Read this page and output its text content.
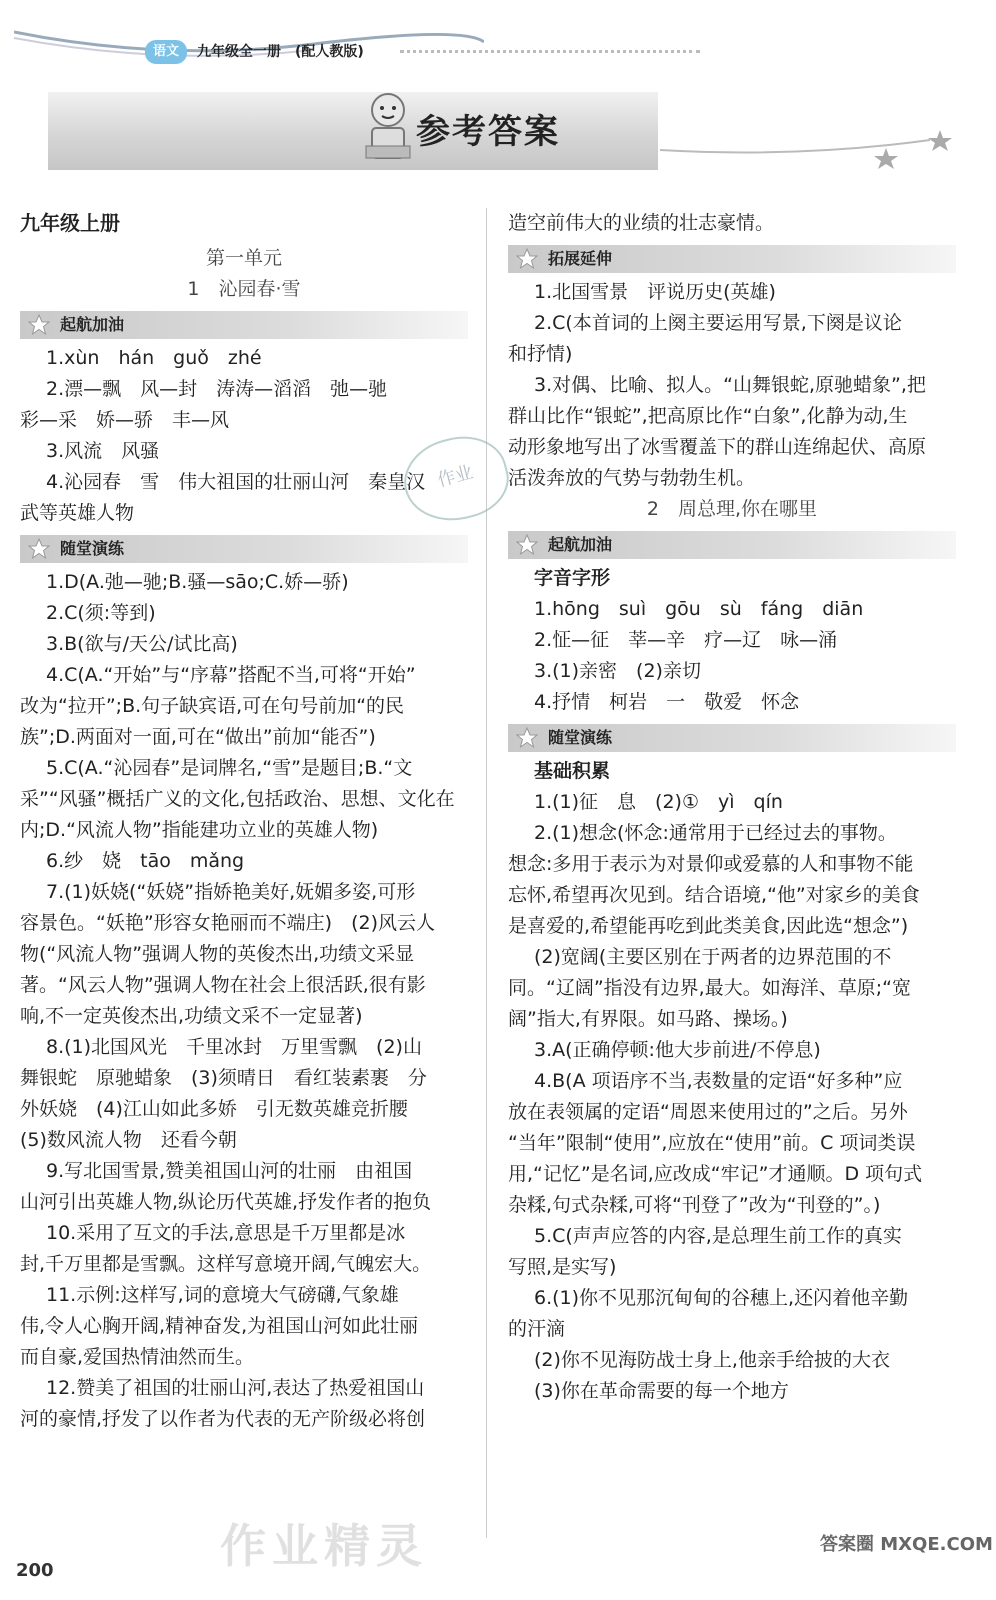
语文	九年级全一册　(配人教版)
参考答案

九年级上册

第一单元

1　沁园春·雪

起航加油

1.xùn　hán　guǒ　zhé

2.漂—飘　风—封　涛涛—滔滔　弛—驰

彩—采　娇—骄　丰—风

3.风流　风骚

4.沁园春　雪　伟大祖国的壮丽山河　秦皇汉

武等英雄人物

随堂演练

1.D(A.弛—驰;B.骚—sāo;C.娇—骄)

2.C(须:等到)

3.B(欲与/天公/试比高)

4.C(A.“开始”与“序幕”搭配不当,可将“开始”

改为“拉开”;B.句子缺宾语,可在句号前加“的民

族”;D.两面对一面,可在“做出”前加“能否”)

5.C(A.“沁园春”是词牌名,“雪”是题目;B.“文

采”“风骚”概括广义的文化,包括政治、思想、文化在

内;D.“风流人物”指能建功立业的英雄人物)

6.纱　娆　tāo　mǎng

7.(1)妖娆(“妖娆”指娇艳美好,妩媚多姿,可形

容景色。“妖艳”形容女艳丽而不端庄)　(2)风云人

物(“风流人物”强调人物的英俊杰出,功绩文采显

著。“风云人物”强调人物在社会上很活跃,很有影

响,不一定英俊杰出,功绩文采不一定显著)

8.(1)北国风光　千里冰封　万里雪飘　(2)山

舞银蛇　原驰蜡象　(3)须晴日　看红装素裹　分

外妖娆　(4)江山如此多娇　引无数英雄竞折腰

(5)数风流人物　还看今朝

9.写北国雪景,赞美祖国山河的壮丽　由祖国

山河引出英雄人物,纵论历代英雄,抒发作者的抱负

10.采用了互文的手法,意思是千万里都是冰

封,千万里都是雪飘。这样写意境开阔,气魄宏大。

11.示例:这样写,词的意境大气磅礴,气象雄

伟,令人心胸开阔,精神奋发,为祖国山河如此壮丽

而自豪,爱国热情油然而生。

12.赞美了祖国的壮丽山河,表达了热爱祖国山

河的豪情,抒发了以作者为代表的无产阶级必将创

作业

造空前伟大的业绩的壮志豪情。

拓展延伸

1.北国雪景　评说历史(英雄)

2.C(本首词的上阕主要运用写景,下阕是议论

和抒情)

3.对偶、比喻、拟人。“山舞银蛇,原驰蜡象”,把

群山比作“银蛇”,把高原比作“白象”,化静为动,生

动形象地写出了冰雪覆盖下的群山连绵起伏、高原

活泼奔放的气势与勃勃生机。

2　周总理,你在哪里

起航加油

字音字形

1.hōng　suì　gōu　sù　fáng　diān

2.怔—征　莘—辛　疗—辽　咏—涌

3.(1)亲密　(2)亲切

4.抒情　柯岩　一　敬爱　怀念

随堂演练

基础积累

1.(1)征　息　(2)①　yì　qín

2.(1)想念(怀念:通常用于已经过去的事物。

想念:多用于表示为对景仰或爱慕的人和事物不能

忘怀,希望再次见到。结合语境,“他”对家乡的美食

是喜爱的,希望能再吃到此类美食,因此选“想念”)

(2)宽阔(主要区别在于两者的边界范围的不

同。“辽阔”指没有边界,最大。如海洋、草原;“宽

阔”指大,有界限。如马路、操场。)

3.A(正确停顿:他大步前进/不停息)

4.B(A 项语序不当,表数量的定语“好多种”应

放在表领属的定语“周恩来使用过的”之后。另外

“当年”限制“使用”,应放在“使用”前。C 项词类误

用,“记忆”是名词,应改成“牢记”才通顺。D 项句式

杂糅,句式杂糅,可将“刊登了”改为“刊登的”。)

5.C(声声应答的内容,是总理生前工作的真实

写照,是实写)

6.(1)你不见那沉甸甸的谷穗上,还闪着他辛勤

的汗滴

(2)你不见海防战士身上,他亲手给披的大衣

(3)你在革命需要的每一个地方

作业精灵
200
答案圈 MXQE.COM
